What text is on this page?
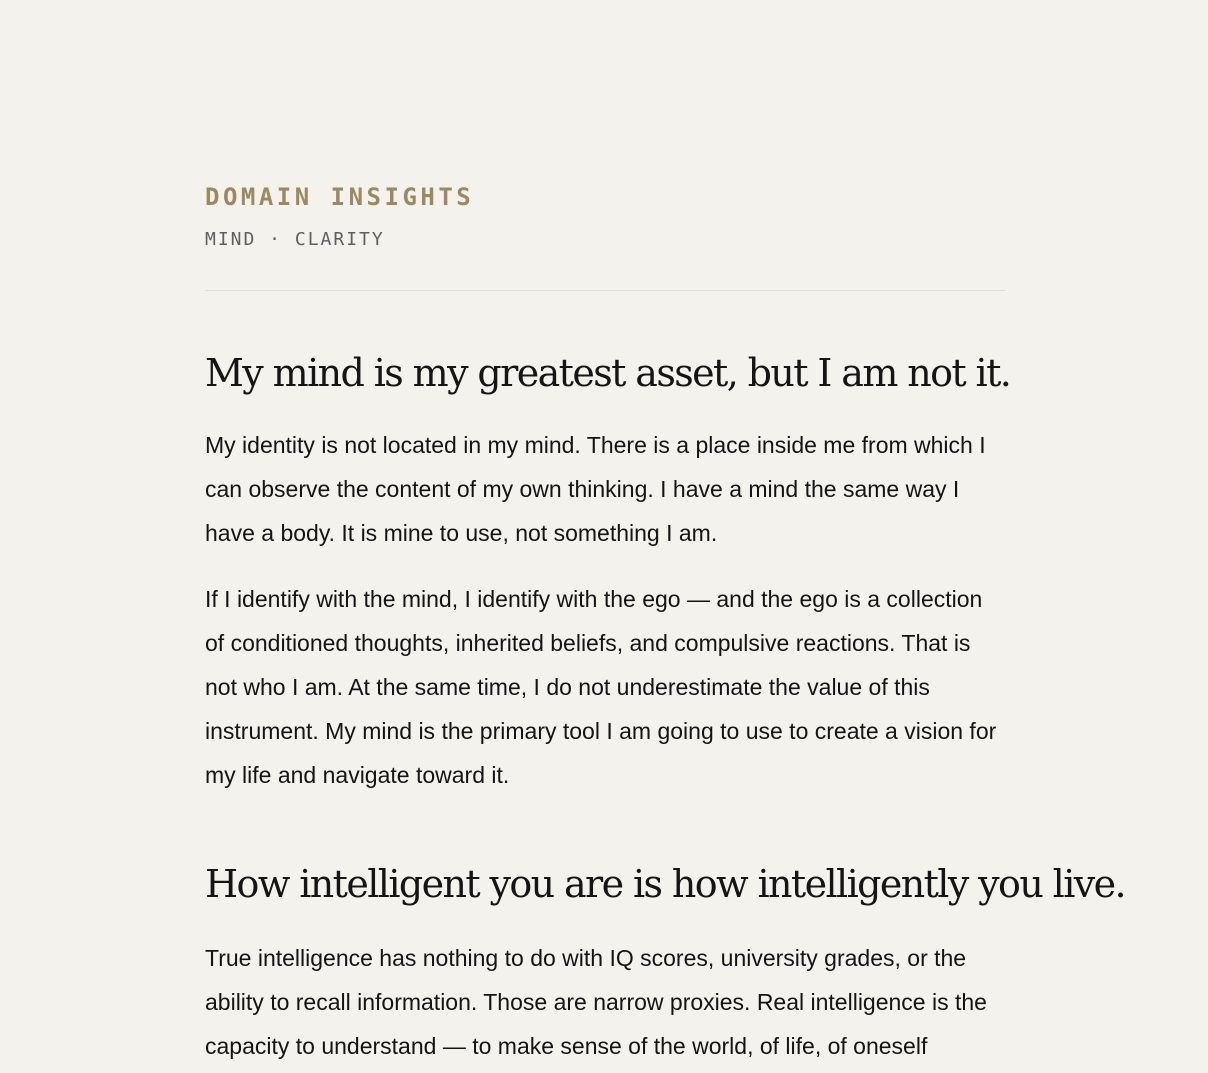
DOMAIN INSIGHTS
MIND · CLARITY
My mind is my greatest asset, but I am not it.

My identity is not located in my mind. There is a place inside me from which I can observe the content of my own thinking. I have a mind the same way I have a body. It is mine to use, not something I am.

If I identify with the mind, I identify with the ego — and the ego is a collection of conditioned thoughts, inherited beliefs, and compulsive reactions. That is not who I am. At the same time, I do not underestimate the value of this instrument. My mind is the primary tool I am going to use to create a vision for my life and navigate toward it.

How intelligent you are is how intelligently you live.

True intelligence has nothing to do with IQ scores, university grades, or the ability to recall information. Those are narrow proxies. Real intelligence is the capacity to understand — to make sense of the world, of life, of oneself
